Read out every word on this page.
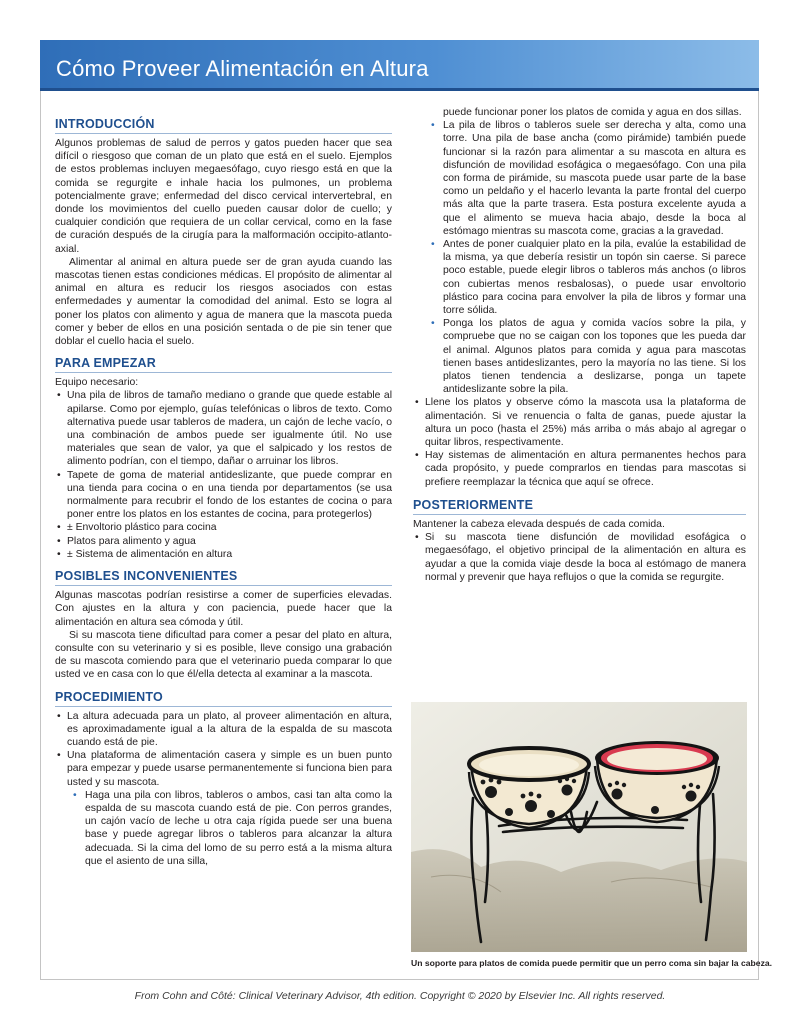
Cómo Proveer Alimentación en Altura
INTRODUCCIÓN

Algunos problemas de salud de perros y gatos pueden hacer que sea difícil o riesgoso que coman de un plato que está en el suelo. Ejemplos de estos problemas incluyen megaesófago, cuyo riesgo está en que la comida se regurgite e inhale hacia los pulmones, un problema potencialmente grave; enfermedad del disco cervical intervertebral, en donde los movimientos del cuello pueden causar dolor de cuello; y cualquier condición que requiera de un collar cervical, como en la fase de curación después de la cirugía para la malformación occipito-atlanto-axial.

Alimentar al animal en altura puede ser de gran ayuda cuando las mascotas tienen estas condiciones médicas. El propósito de alimentar al animal en altura es reducir los riesgos asociados con estas enfermedades y aumentar la comodidad del animal. Esto se logra al poner los platos con alimento y agua de manera que la mascota pueda comer y beber de ellos en una posición sentada o de pie sin tener que doblar el cuello hacia el suelo.

PARA EMPEZAR

Equipo necesario:

• Una pila de libros de tamaño mediano o grande que quede estable al apilarse. Como por ejemplo, guías telefónicas o libros de texto. Como alternativa puede usar tableros de madera, un cajón de leche vacío, o una combinación de ambos puede ser igualmente útil. No use materiales que sean de valor, ya que el salpicado y los restos de alimento podrían, con el tiempo, dañar o arruinar los libros.
• Tapete de goma de material antideslizante, que puede comprar en una tienda para cocina o en una tienda por departamentos (se usa normalmente para recubrir el fondo de los estantes de cocina o para poner entre los platos en los estantes de cocina, para protegerlos)
• ± Envoltorio plástico para cocina
• Platos para alimento y agua
• ± Sistema de alimentación en altura
POSIBLES INCONVENIENTES

Algunas mascotas podrían resistirse a comer de superficies elevadas. Con ajustes en la altura y con paciencia, puede hacer que la alimentación en altura sea cómoda y útil.

Si su mascota tiene dificultad para comer a pesar del plato en altura, consulte con su veterinario y si es posible, lleve consigo una grabación de su mascota comiendo para que el veterinario pueda comparar lo que usted ve en casa con lo que él/ella detecta al examinar a la mascota.

PROCEDIMIENTO
• La altura adecuada para un plato, al proveer alimentación en altura, es aproximadamente igual a la altura de la espalda de su mascota cuando está de pie.
• Una plataforma de alimentación casera y simple es un buen punto para empezar y puede usarse permanentemente si funciona bien para usted y su mascota.
• Haga una pila con libros, tableros o ambos, casi tan alta como la espalda de su mascota cuando está de pie. Con perros grandes, un cajón vacío de leche u otra caja rígida puede ser una buena base y puede agregar libros o tableros para alcanzar la altura adecuada. Si la cima del lomo de su perro está a la misma altura que el asiento de una silla,
puede funcionar poner los platos de comida y agua en dos sillas.
• La pila de libros o tableros suele ser derecha y alta, como una torre. Una pila de base ancha (como pirámide) también puede funcionar si la razón para alimentar a su mascota en altura es disfunción de movilidad esofágica o megaesófago. Con una pila con forma de pirámide, su mascota puede usar parte de la base como un peldaño y el hacerlo levanta la parte frontal del cuerpo más alta que la parte trasera. Esta postura excelente ayuda a que el alimento se mueva hacia abajo, desde la boca al estómago mientras su mascota come, gracias a la gravedad.
• Antes de poner cualquier plato en la pila, evalúe la estabilidad de la misma, ya que debería resistir un topón sin caerse. Si parece poco estable, puede elegir libros o tableros más anchos (o libros con cubiertas menos resbalosas), o puede usar envoltorio plástico para cocina para envolver la pila de libros y formar una torre sólida.
• Ponga los platos de agua y comida vacíos sobre la pila, y compruebe que no se caigan con los topones que les pueda dar el animal. Algunos platos para comida y agua para mascotas tienen bases antideslizantes, pero la mayoría no las tiene. Si los platos tienen tendencia a deslizarse, ponga un tapete antideslizante sobre la pila.
• Llene los platos y observe cómo la mascota usa la plataforma de alimentación. Si ve renuencia o falta de ganas, puede ajustar la altura un poco (hasta el 25%) más arriba o más abajo al agregar o quitar libros, respectivamente.
• Hay sistemas de alimentación en altura permanentes hechos para cada propósito, y puede comprarlos en tiendas para mascotas si prefiere reemplazar la técnica que aquí se ofrece.
POSTERIORMENTE

Mantener la cabeza elevada después de cada comida.

• Si su mascota tiene disfunción de movilidad esofágica o megaesófago, el objetivo principal de la alimentación en altura es ayudar a que la comida viaje desde la boca al estómago de manera normal y prevenir que haya reflujos o que la comida se regurgite.
Un soporte para platos de comida puede permitir que un perro coma sin bajar la cabeza.
From Cohn and Côté: Clinical Veterinary Advisor, 4th edition. Copyright © 2020 by Elsevier Inc. All rights reserved.
